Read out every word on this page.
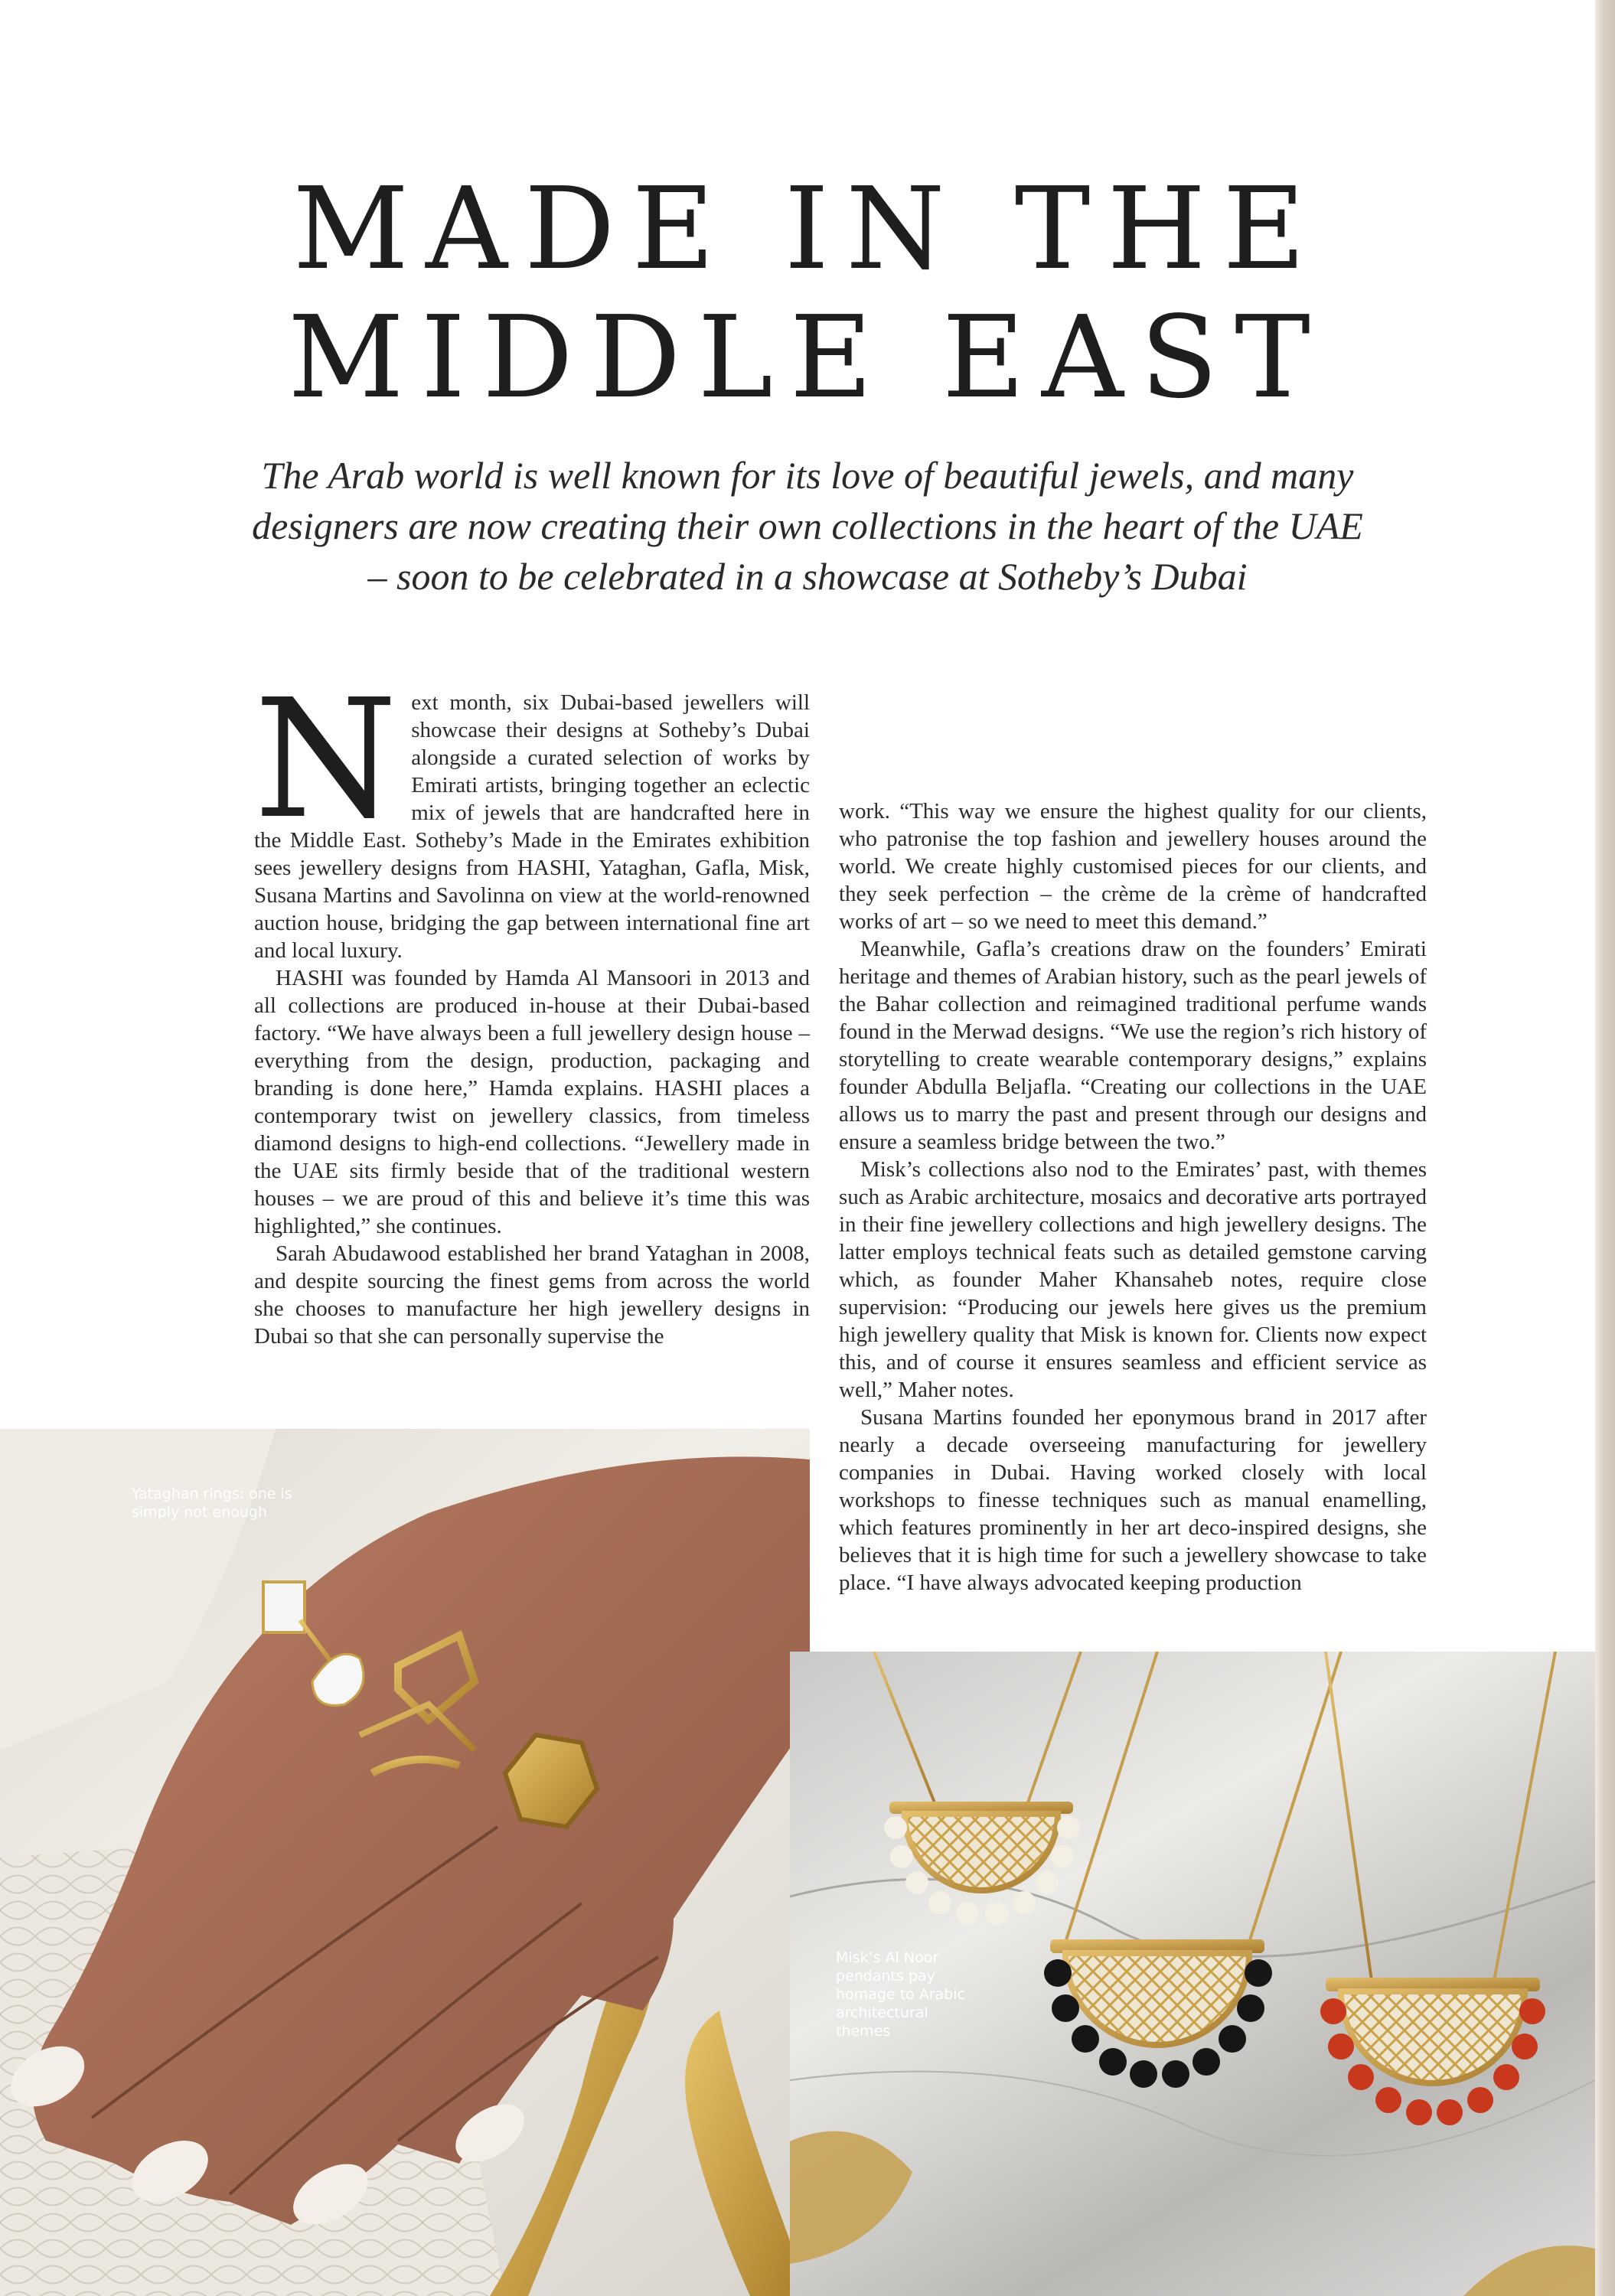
MADE IN THE
MIDDLE EAST
The Arab world is well known for its love of beautiful jewels, and many
designers are now creating their own collections in the heart of the UAE
– soon to be celebrated in a showcase at Sotheby’s Dubai

N ext month, six Dubai-based jewellers will showcase their designs at Sotheby’s Dubai alongside a curated selection of works by Emirati artists, bringing together an eclectic mix of jewels that are handcrafted here in the Middle East. Sotheby’s Made in the Emirates exhibition sees jewellery designs from HASHI, Yataghan, Gafla, Misk, Susana Martins and Savolinna on view at the world-renowned auction house, bridging the gap between international fine art and local luxury.

HASHI was founded by Hamda Al Mansoori in 2013 and all collections are produced in-house at their Dubai-based factory. “We have always been a full jewellery design house – everything from the design, production, packaging and branding is done here,” Hamda explains. HASHI places a contemporary twist on jewellery classics, from timeless diamond designs to high-end collections. “Jewellery made in the UAE sits firmly beside that of the traditional western houses – we are proud of this and believe it’s time this was highlighted,” she continues.

Sarah Abudawood established her brand Yataghan in 2008, and despite sourcing the finest gems from across the world she chooses to manufacture her high jewellery designs in Dubai so that she can personally supervise the

work. “This way we ensure the highest quality for our clients, who patronise the top fashion and jewellery houses around the world. We create highly customised pieces for our clients, and they seek perfection – the crème de la crème of handcrafted works of art – so we need to meet this demand.”

Meanwhile, Gafla’s creations draw on the founders’ Emirati heritage and themes of Arabian history, such as the pearl jewels of the Bahar collection and reimagined traditional perfume wands found in the Merwad designs. “We use the region’s rich history of storytelling to create wearable contemporary designs,” explains founder Abdulla Beljafla. “Creating our collections in the UAE allows us to marry the past and present through our designs and ensure a seamless bridge between the two.”

Misk’s collections also nod to the Emirates’ past, with themes such as Arabic architecture, mosaics and decorative arts portrayed in their fine jewellery collections and high jewellery designs. The latter employs technical feats such as detailed gemstone carving which, as founder Maher Khansaheb notes, require close supervision: “Producing our jewels here gives us the premium high jewellery quality that Misk is known for. Clients now expect this, and of course it ensures seamless and efficient service as well,” Maher notes.

Susana Martins founded her eponymous brand in 2017 after nearly a decade overseeing manufacturing for jewellery companies in Dubai. Having worked closely with local workshops to finesse techniques such as manual enamelling, which features prominently in her art deco-inspired designs, she believes that it is high time for such a jewellery showcase to take place. “I have always advocated keeping production

Yataghan rings: one is
simply not enough
Misk’s Al Noor
pendants pay
homage to Arabic
architectural
themes
